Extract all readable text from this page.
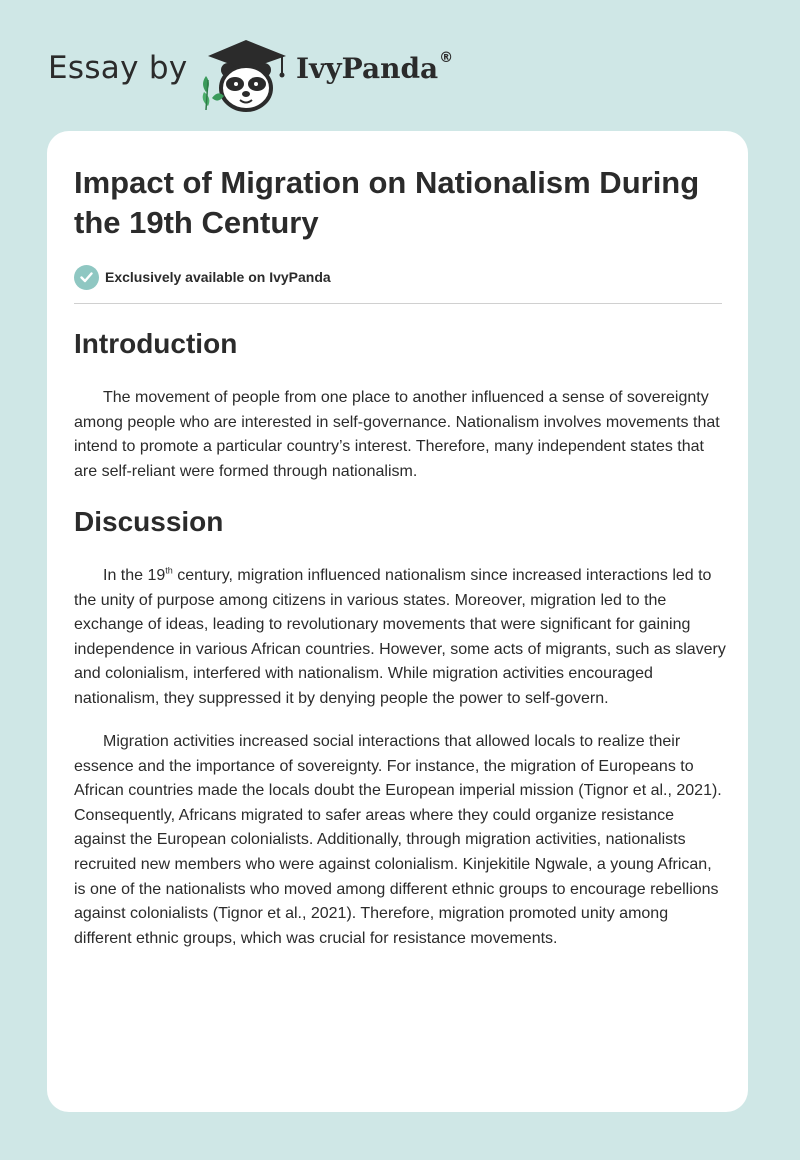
Essay by	IvyPanda®
Impact of Migration on Nationalism During the 19th Century
Exclusively available on IvyPanda
Introduction

The movement of people from one place to another influenced a sense of sovereignty among people who are interested in self-governance. Nationalism involves movements that intend to promote a particular country’s interest. Therefore, many independent states that are self-reliant were formed through nationalism.

Discussion

In the 19th century, migration influenced nationalism since increased interactions led to the unity of purpose among citizens in various states. Moreover, migration led to the exchange of ideas, leading to revolutionary movements that were significant for gaining independence in various African countries. However, some acts of migrants, such as slavery and colonialism, interfered with nationalism. While migration activities encouraged nationalism, they suppressed it by denying people the power to self-govern.

Migration activities increased social interactions that allowed locals to realize their essence and the importance of sovereignty. For instance, the migration of Europeans to African countries made the locals doubt the European imperial mission (Tignor et al., 2021). Consequently, Africans migrated to safer areas where they could organize resistance against the European colonialists. Additionally, through migration activities, nationalists recruited new members who were against colonialism. Kinjekitile Ngwale, a young African, is one of the nationalists who moved among different ethnic groups to encourage rebellions against colonialists (Tignor et al., 2021). Therefore, migration promoted unity among different ethnic groups, which was crucial for resistance movements.
